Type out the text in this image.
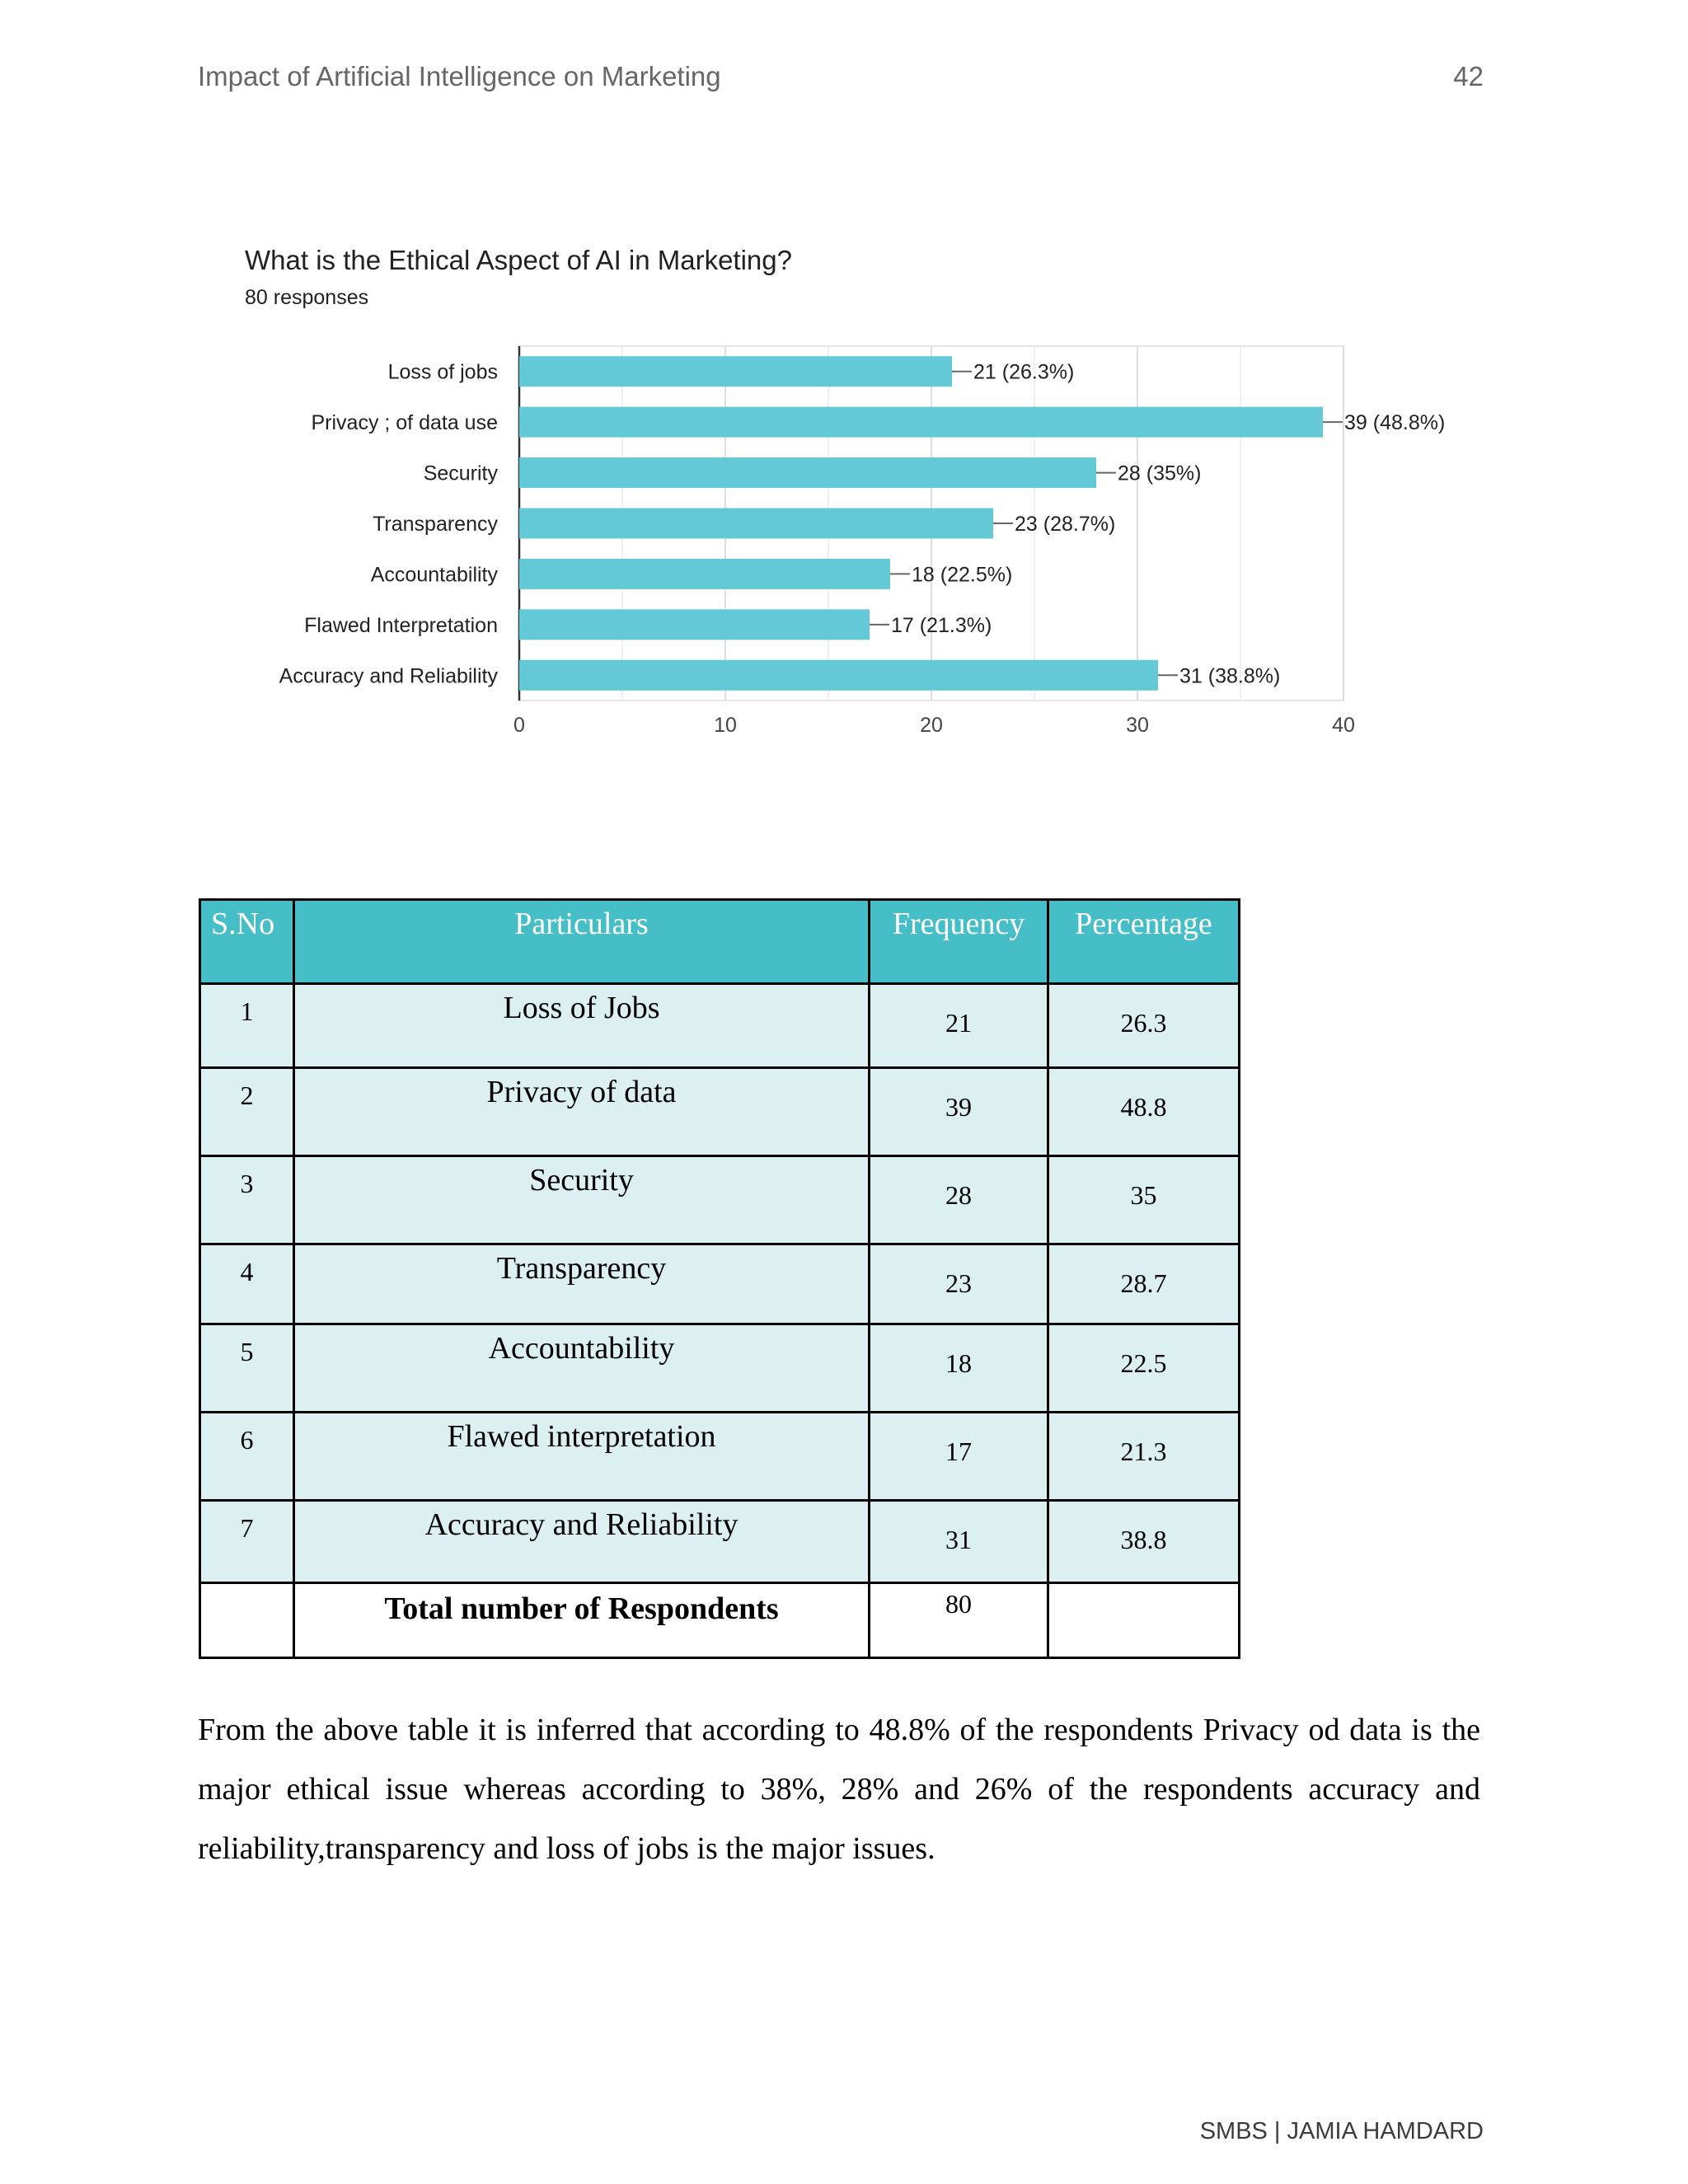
Impact of Artificial Intelligence on Marketing	42
What is the Ethical Aspect of AI in Marketing?
80 responses
0	10	20	30	40
Loss of jobs	21 (26.3%)
Privacy ; of data use	39 (48.8%)
Security	28 (35%)
Transparency	23 (28.7%)
Accountability	18 (22.5%)
Flawed Interpretation	17 (21.3%)
Accuracy and Reliability	31 (38.8%)
S.No	Particulars	Frequency	Percentage
1	Loss of Jobs	21	26.3
2	Privacy of data	39	48.8
3	Security	28	35
4	Transparency	23	28.7
5	Accountability	18	22.5
6	Flawed interpretation	17	21.3
7	Accuracy and Reliability	31	38.8
	Total number of Respondents	80	
From the above table it is inferred that according to 48.8% of the respondents Privacy od data is the major ethical issue whereas according to 38%, 28% and 26% of the respondents accuracy and reliability,transparency and loss of jobs is the major issues.
SMBS | JAMIA HAMDARD
